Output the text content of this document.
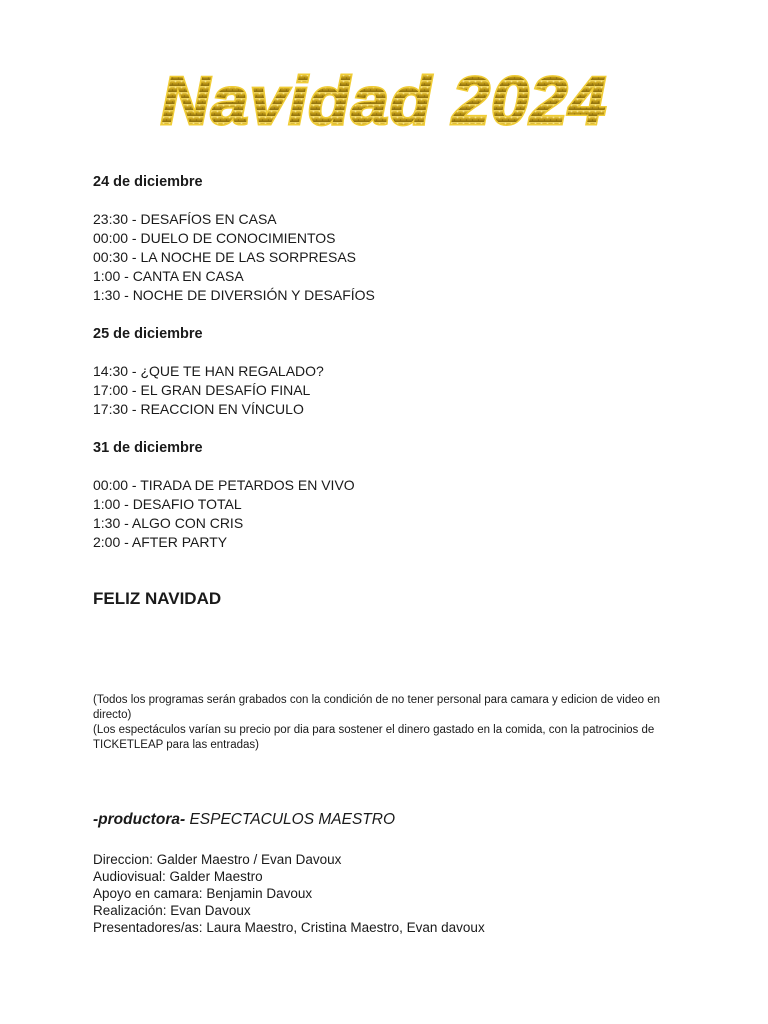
Navidad 2024

24 de diciembre

23:30 - DESAFÍOS EN CASA
00:00 - DUELO DE CONOCIMIENTOS
00:30 - LA NOCHE DE LAS SORPRESAS
1:00 - CANTA EN CASA
1:30 - NOCHE DE DIVERSIÓN Y DESAFÍOS

25 de diciembre

14:30 - ¿QUE TE HAN REGALADO?
17:00 - EL GRAN DESAFÍO FINAL
17:30 - REACCION EN VÍNCULO

31 de diciembre

00:00 - TIRADA DE PETARDOS EN VIVO
1:00 - DESAFIO TOTAL
1:30 - ALGO CON CRIS
2:00 - AFTER PARTY

FELIZ NAVIDAD

(Todos los programas serán grabados con la condición de no tener personal para camara y edicion de video en directo)

(Los espectáculos varían su precio por dia para sostener el dinero gastado en la comida, con la patrocinios de TICKETLEAP para las entradas)

-productora- ESPECTACULOS MAESTRO
Direccion: Galder Maestro / Evan Davoux
Audiovisual: Galder Maestro
Apoyo en camara: Benjamin Davoux
Realización: Evan Davoux
Presentadores/as: Laura Maestro, Cristina Maestro, Evan davoux
